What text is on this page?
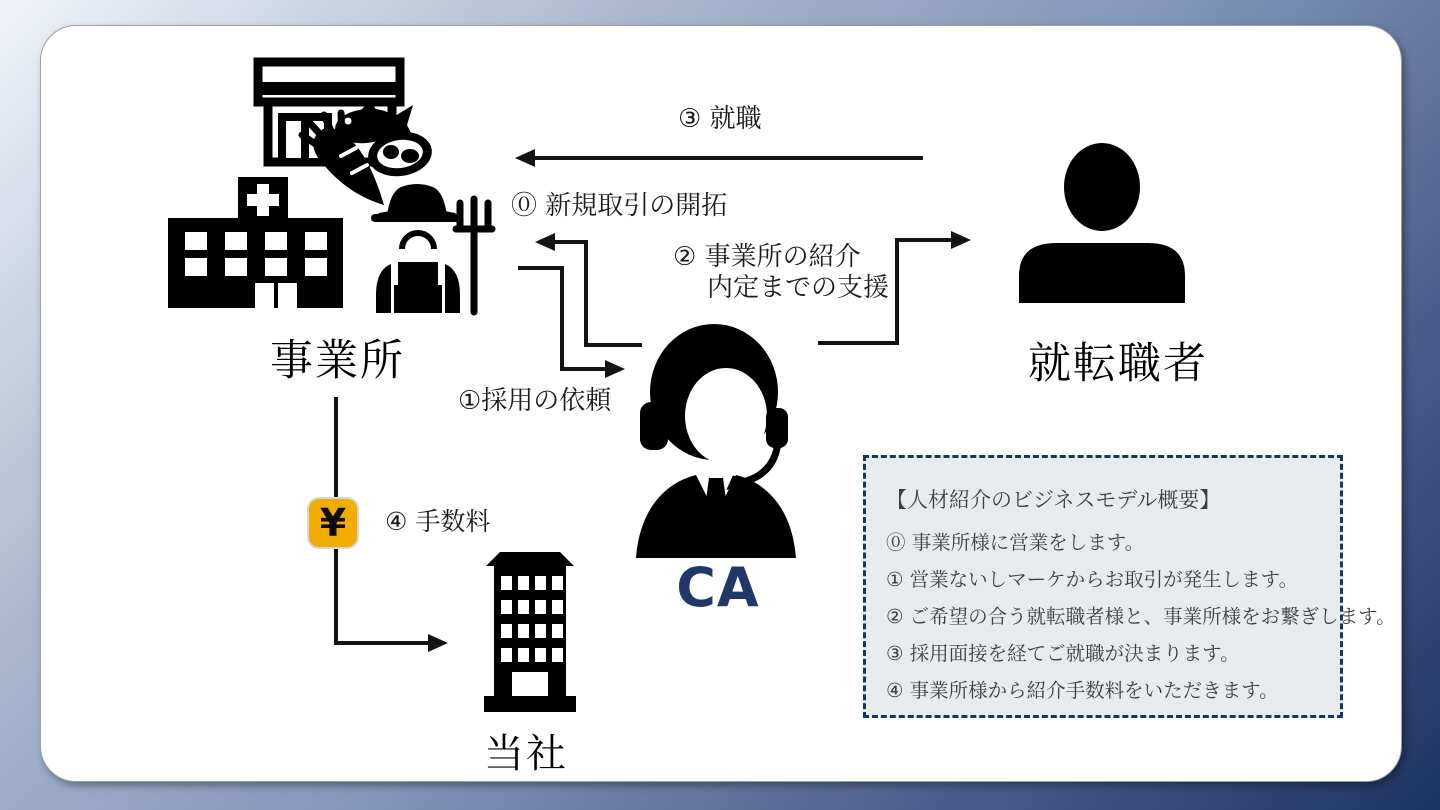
事業所	就転職者
CA
当社
③ 就職
⓪ 新規取引の開拓
② 事業所の紹介
内定までの支援
①採用の依頼
④ 手数料
¥
【人材紹介のビジネスモデル概要】
⓪ 事業所様に営業をします。
① 営業ないしマーケからお取引が発生します。
② ご希望の合う就転職者様と、事業所様をお繋ぎします。
③ 採用面接を経てご就職が決まります。
④ 事業所様から紹介手数料をいただきます。
